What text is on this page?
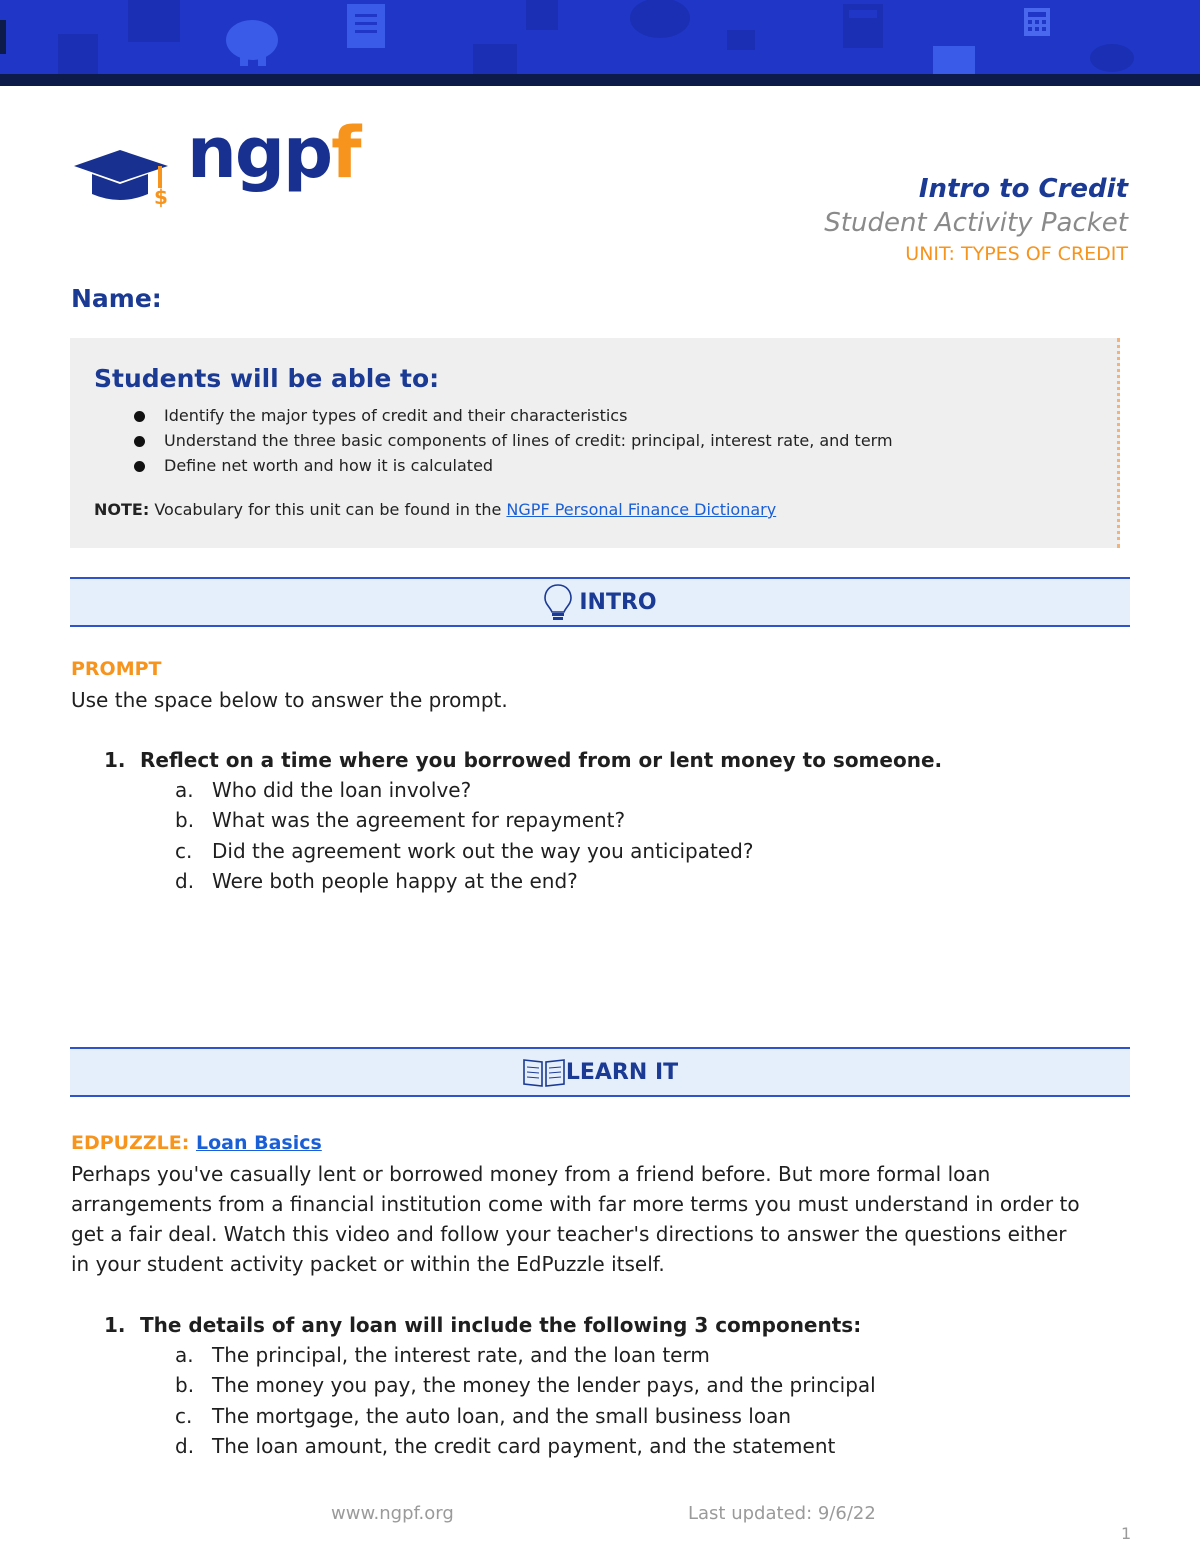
$
ngpf	Intro to Credit
Student Activity Packet
UNIT: TYPES OF CREDIT
Name:
Students will be able to:
Identify the major types of credit and their characteristics
Understand the three basic components of lines of credit: principal, interest rate, and term
Define net worth and how it is calculated
NOTE: Vocabulary for this unit can be found in the NGPF Personal Finance Dictionary
INTRO
PROMPT
Use the space below to answer the prompt.
1. Reflect on a time where you borrowed from or lent money to someone.
a. Who did the loan involve?
b. What was the agreement for repayment?
c. Did the agreement work out the way you anticipated?
d. Were both people happy at the end?
LEARN IT
EDPUZZLE: Loan Basics
Perhaps you've casually lent or borrowed money from a friend before. But more formal loan arrangements from a financial institution come with far more terms you must understand in order to get a fair deal. Watch this video and follow your teacher's directions to answer the questions either in your student activity packet or within the EdPuzzle itself.
1. The details of any loan will include the following 3 components:
a. The principal, the interest rate, and the loan term
b. The money you pay, the money the lender pays, and the principal
c. The mortgage, the auto loan, and the small business loan
d. The loan amount, the credit card payment, and the statement
www.ngpf.org	Last updated: 9/6/22
1
